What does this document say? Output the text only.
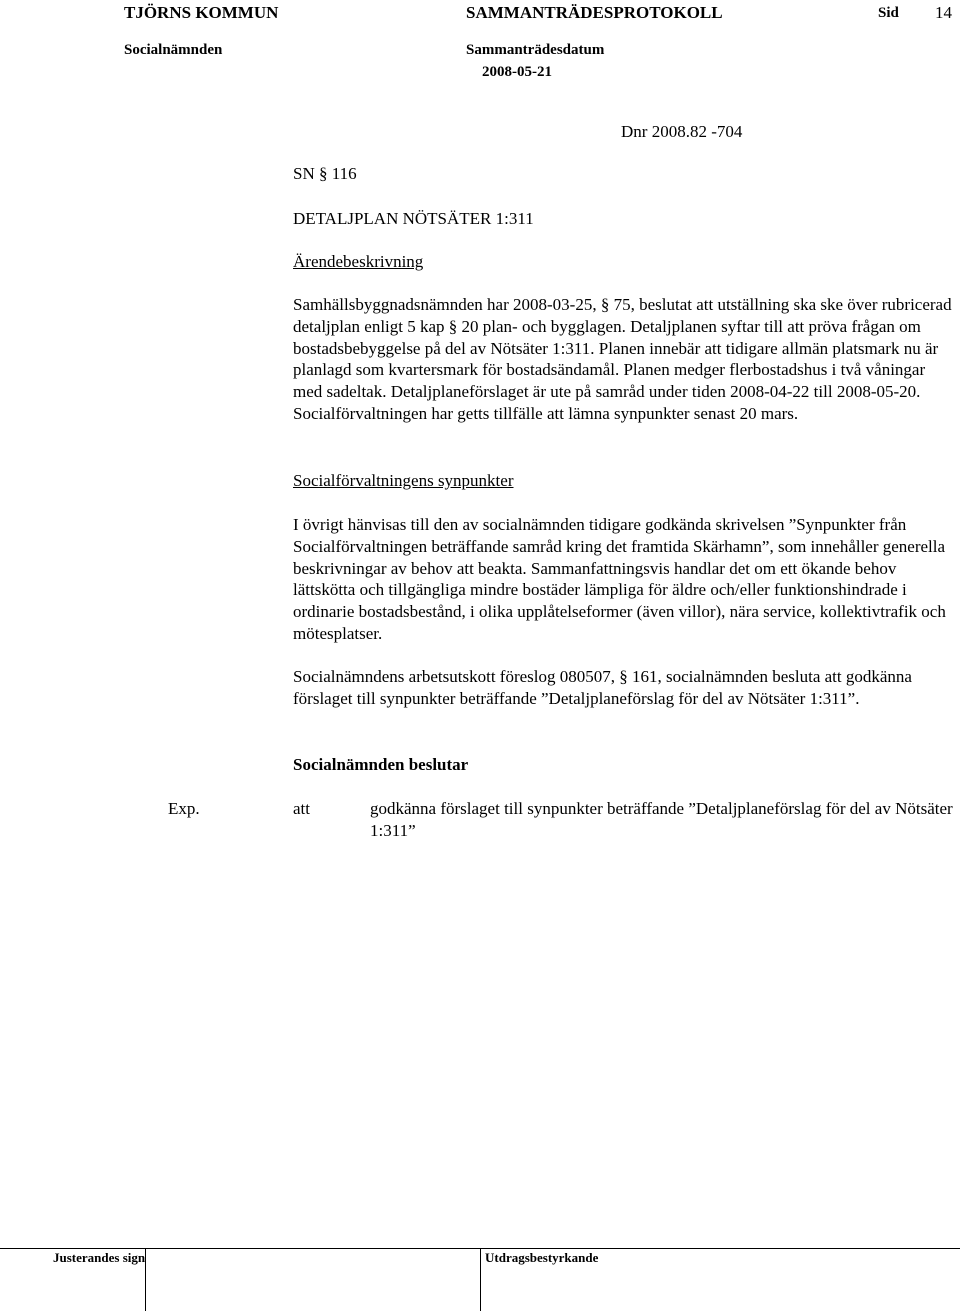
TJÖRNS KOMMUN	SAMMANTRÄDESPROTOKOLL	Sid 14
Socialnämnden	Sammanträdesdatum
2008-05-21
Dnr 2008.82 -704
SN § 116
DETALJPLAN NÖTSÄTER 1:311
Ärendebeskrivning
Samhällsbyggnadsnämnden har 2008-03-25, § 75, beslutat att utställning ska ske över rubricerad detaljplan enligt 5 kap § 20 plan- och bygglagen. Detaljplanen syftar till att pröva frågan om bostadsbebyggelse på del av Nötsäter 1:311. Planen innebär att tidigare allmän platsmark nu är planlagd som kvartersmark för bostadsändamål. Planen medger flerbostadshus i två våningar med sadeltak. Detaljplaneförslaget är ute på samråd under tiden 2008-04-22 till 2008-05-20. Socialförvaltningen har getts tillfälle att lämna synpunkter senast 20 mars.
Socialförvaltningens synpunkter
I övrigt hänvisas till den av socialnämnden tidigare godkända skrivelsen ”Synpunkter från Socialförvaltningen beträffande samråd kring det framtida Skärhamn”, som innehåller generella beskrivningar av behov att beakta. Sammanfattningsvis handlar det om ett ökande behov lättskötta och tillgängliga mindre bostäder lämpliga för äldre och/eller funktionshindrade i ordinarie bostadsbestånd, i olika upplåtelseformer (även villor), nära service, kollektivtrafik och mötesplatser.
Socialnämndens arbetsutskott föreslog 080507, § 161, socialnämnden besluta att godkänna förslaget till synpunkter beträffande ”Detaljplaneförslag för del av Nötsäter 1:311”.
Socialnämnden beslutar
Exp.	att	godkänna förslaget till synpunkter beträffande ”Detaljplaneförslag för del av Nötsäter 1:311”
Justerandes sign	Utdragsbestyrkande
